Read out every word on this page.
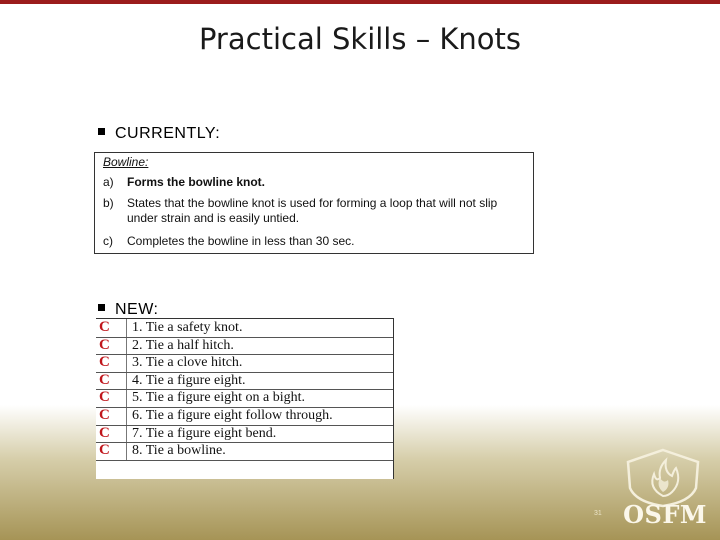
Practical Skills – Knots
CURRENTLY:
Bowline:
a) Forms the bowline knot.
b) States that the bowline knot is used for forming a loop that will not slip under strain and is easily untied.
c) Completes the bowline in less than 30 sec.
NEW:
C 1. Tie a safety knot.
C 2. Tie a half hitch.
C 3. Tie a clove hitch.
C 4. Tie a figure eight.
C 5. Tie a figure eight on a bight.
C 6. Tie a figure eight follow through.
C 7. Tie a figure eight bend.
C 8. Tie a bowline.
31 OSFM
